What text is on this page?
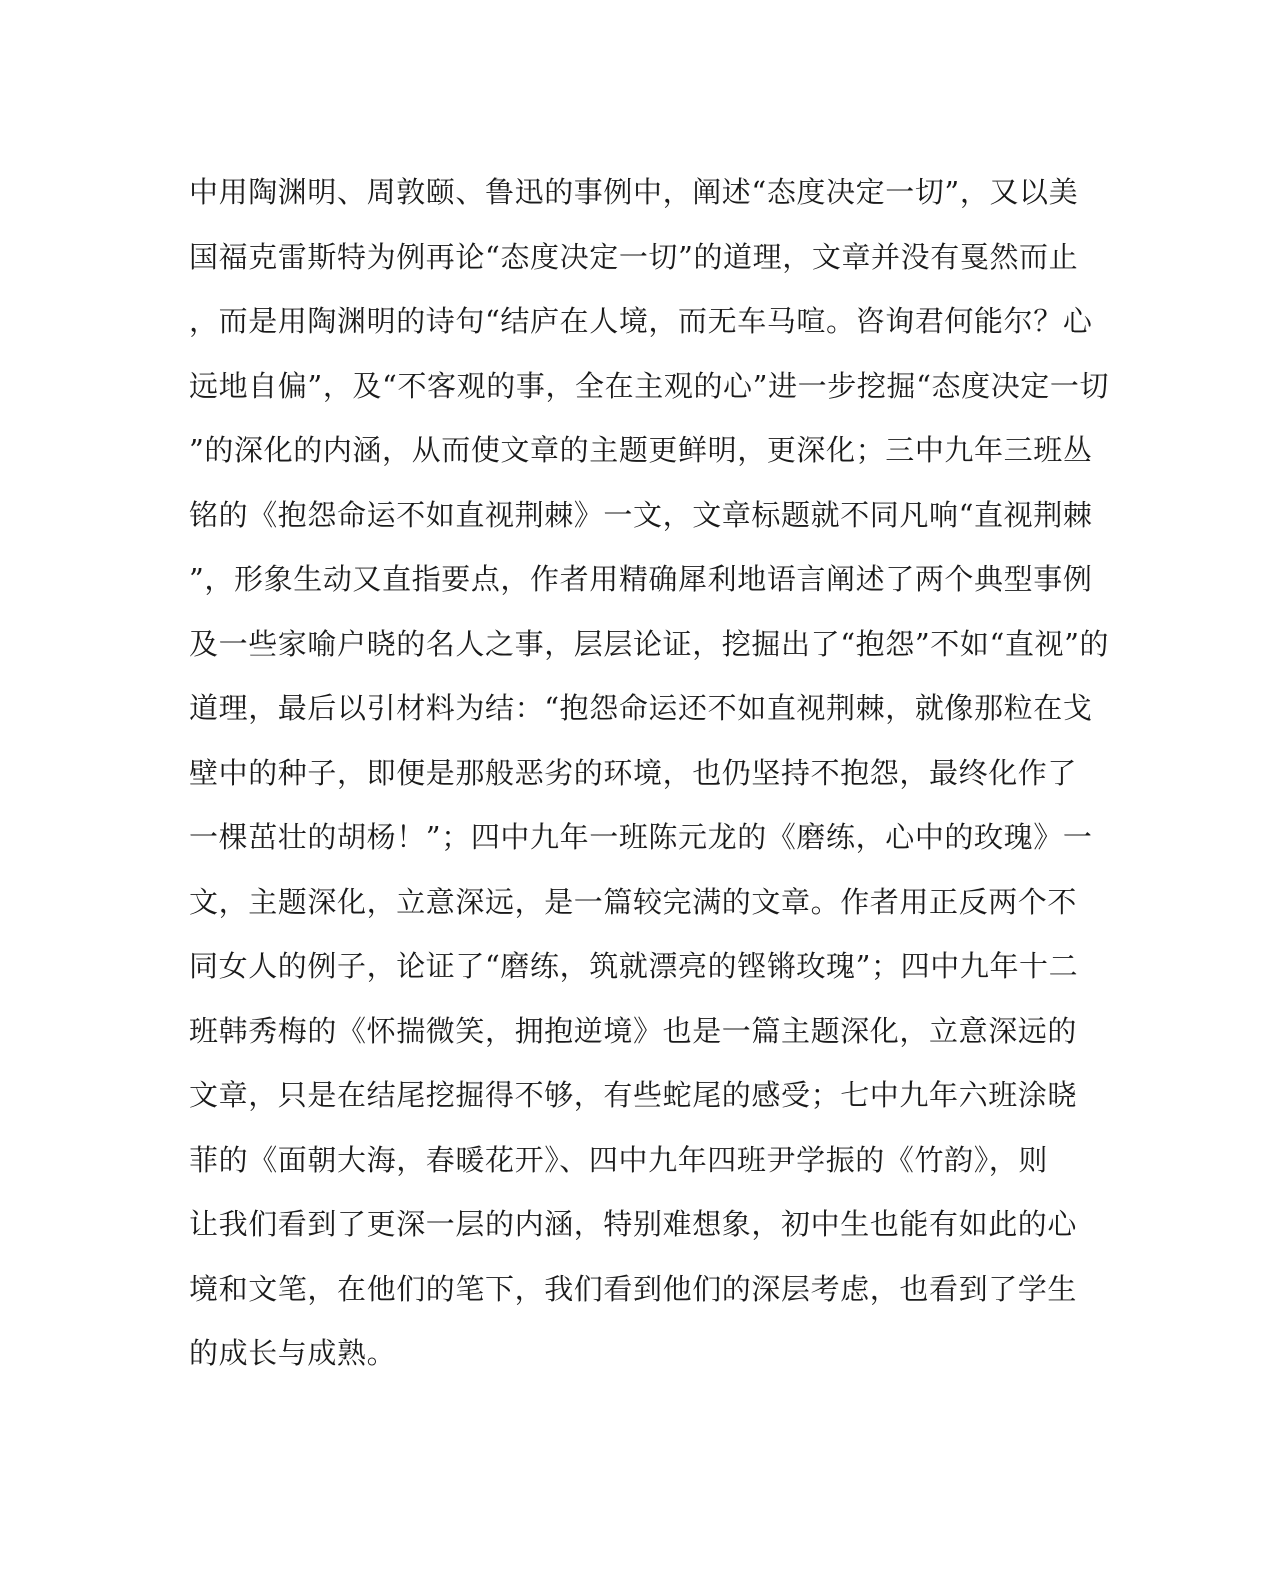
中用陶渊明、周敦颐、鲁迅的事例中，阐述“态度决定一切”，又以美
国福克雷斯特为例再论“态度决定一切”的道理，文章并没有戛然而止
，而是用陶渊明的诗句“结庐在人境，而无车马喧。咨询君何能尔？心
远地自偏”，及“不客观的事，全在主观的心”进一步挖掘“态度决定一切
”的深化的内涵，从而使文章的主题更鲜明，更深化；三中九年三班丛
铭的《抱怨命运不如直视荆棘》一文，文章标题就不同凡响“直视荆棘
”，形象生动又直指要点，作者用精确犀利地语言阐述了两个典型事例
及一些家喻户晓的名人之事，层层论证，挖掘出了“抱怨”不如“直视”的
道理，最后以引材料为结：“抱怨命运还不如直视荆棘，就像那粒在戈
壁中的种子，即便是那般恶劣的环境，也仍坚持不抱怨，最终化作了
一棵茁壮的胡杨！”；四中九年一班陈元龙的《磨练，心中的玫瑰》一
文，主题深化，立意深远，是一篇较完满的文章。作者用正反两个不
同女人的例子，论证了“磨练，筑就漂亮的铿锵玫瑰”；四中九年十二
班韩秀梅的《怀揣微笑，拥抱逆境》也是一篇主题深化，立意深远的
文章，只是在结尾挖掘得不够，有些蛇尾的感受；七中九年六班涂晓
菲的《面朝大海，春暖花开》、四中九年四班尹学振的《竹韵》，则
让我们看到了更深一层的内涵，特别难想象，初中生也能有如此的心
境和文笔，在他们的笔下，我们看到他们的深层考虑，也看到了学生
的成长与成熟。
